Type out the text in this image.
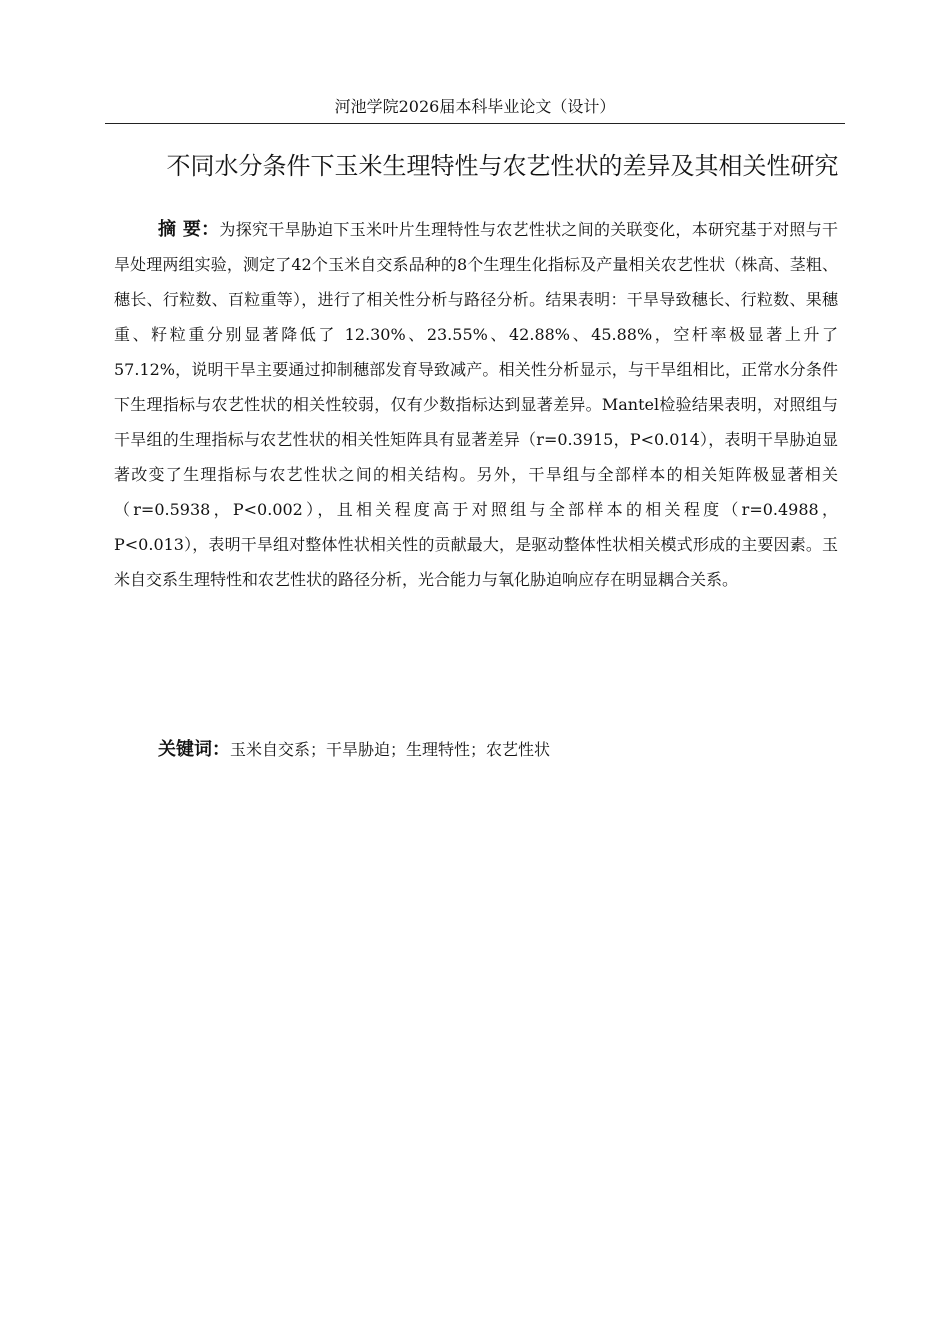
河池学院2026届本科毕业论文（设计）
不同水分条件下玉米生理特性与农艺性状的差异及其相关性研究
摘 要：为探究干旱胁迫下玉米叶片生理特性与农艺性状之间的关联变化，本研究基于对照与干旱处理两组实验，测定了42个玉米自交系品种的8个生理生化指标及产量相关农艺性状（株高、茎粗、穗长、行粒数、百粒重等），进行了相关性分析与路径分析。结果表明：干旱导致穗长、行粒数、果穗重、籽粒重分别显著降低了 12.30%、23.55%、42.88%、45.88%，空杆率极显著上升了 57.12%，说明干旱主要通过抑制穗部发育导致减产。相关性分析显示，与干旱组相比，正常水分条件下生理指标与农艺性状的相关性较弱，仅有少数指标达到显著差异。Mantel检验结果表明，对照组与干旱组的生理指标与农艺性状的相关性矩阵具有显著差异（r=0.3915，P<0.014），表明干旱胁迫显著改变了生理指标与农艺性状之间的相关结构。另外，干旱组与全部样本的相关矩阵极显著相关（r=0.5938，P<0.002），且相关程度高于对照组与全部样本的相关程度（r=0.4988，P<0.013），表明干旱组对整体性状相关性的贡献最大，是驱动整体性状相关模式形成的主要因素。玉米自交系生理特性和农艺性状的路径分析，光合能力与氧化胁迫响应存在明显耦合关系。
关键词：玉米自交系；干旱胁迫；生理特性；农艺性状
